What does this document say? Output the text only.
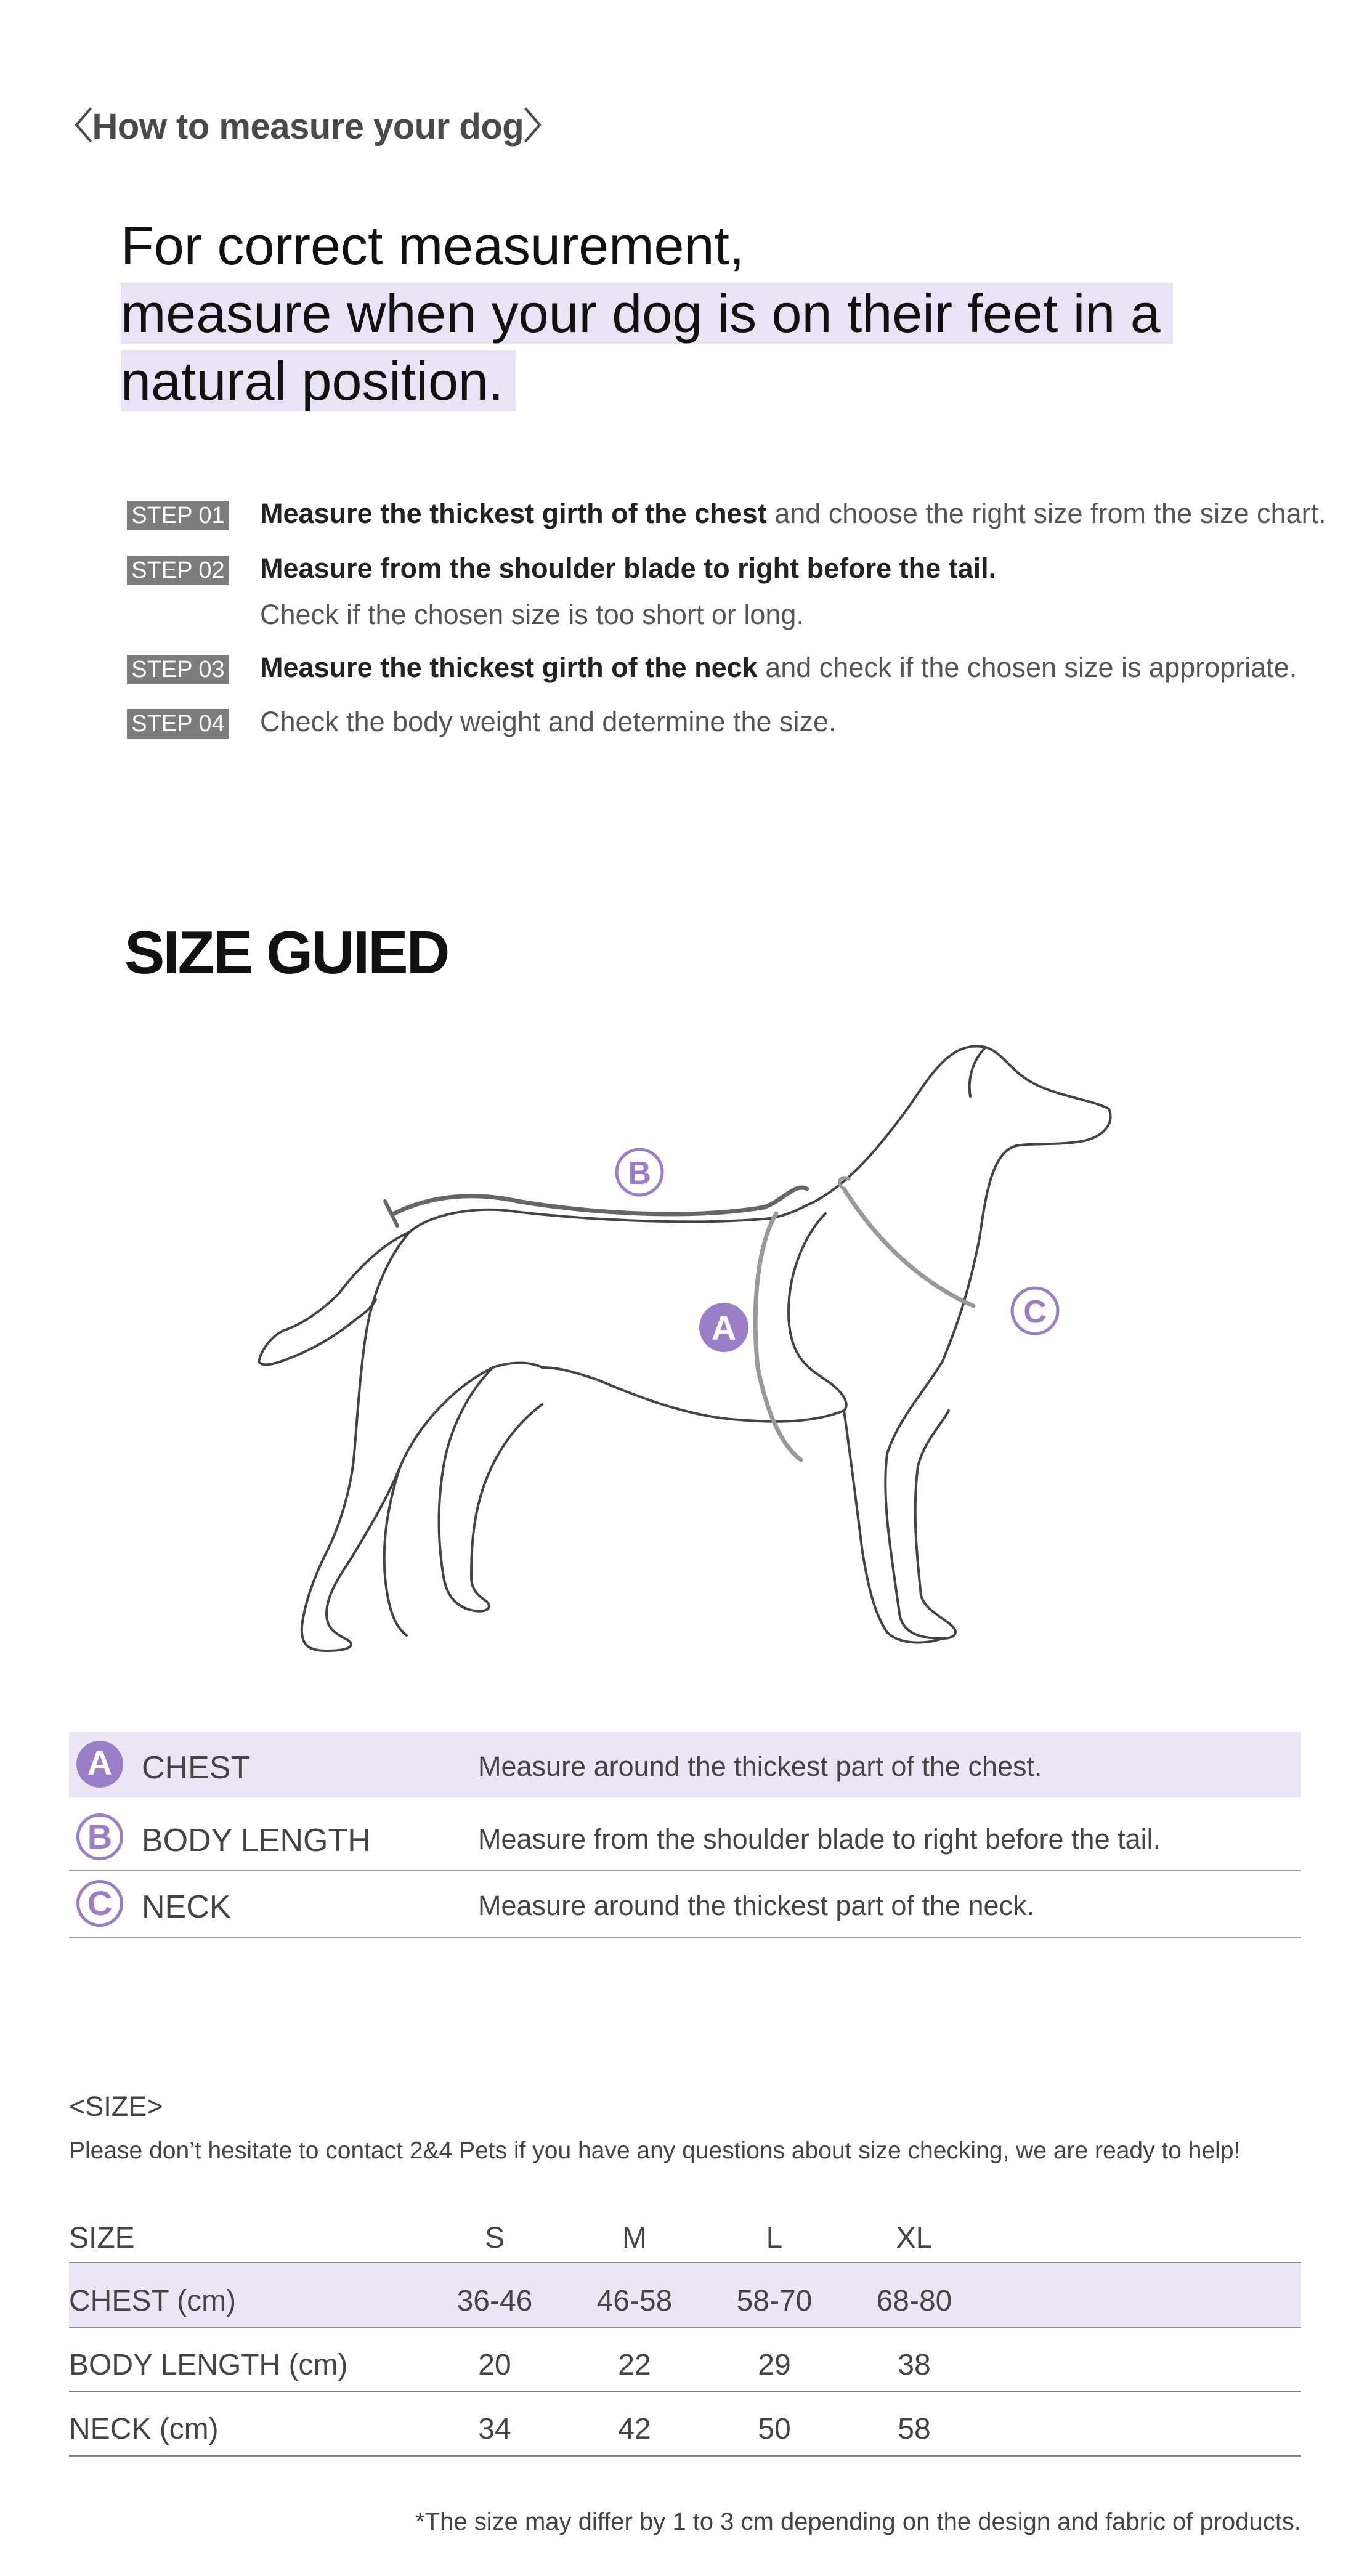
〈How to measure your dog〉
For correct measurement,
measure when your dog is on their feet in a
natural position.
STEP 01 Measure the thickest girth of the chest and choose the right size from the size chart.
STEP 02 Measure from the shoulder blade to right before the tail.
Check if the chosen size is too short or long.
STEP 03 Measure the thickest girth of the neck and check if the chosen size is appropriate.
STEP 04 Check the body weight and determine the size.
SIZE GUIED
A
B
C
A CHEST	Measure around the thickest part of the chest.
B BODY LENGTH	Measure from the shoulder blade to right before the tail.
C NECK	Measure around the thickest part of the neck.
<SIZE>
Please don’t hesitate to contact 2&4 Pets if you have any questions about size checking, we are ready to help!
SIZE	S	M	L	XL
CHEST (cm)	36-46	46-58	58-70	68-80
BODY LENGTH (cm)	20	22	29	38
NECK (cm)	34	42	50	58
*The size may differ by 1 to 3 cm depending on the design and fabric of products.
